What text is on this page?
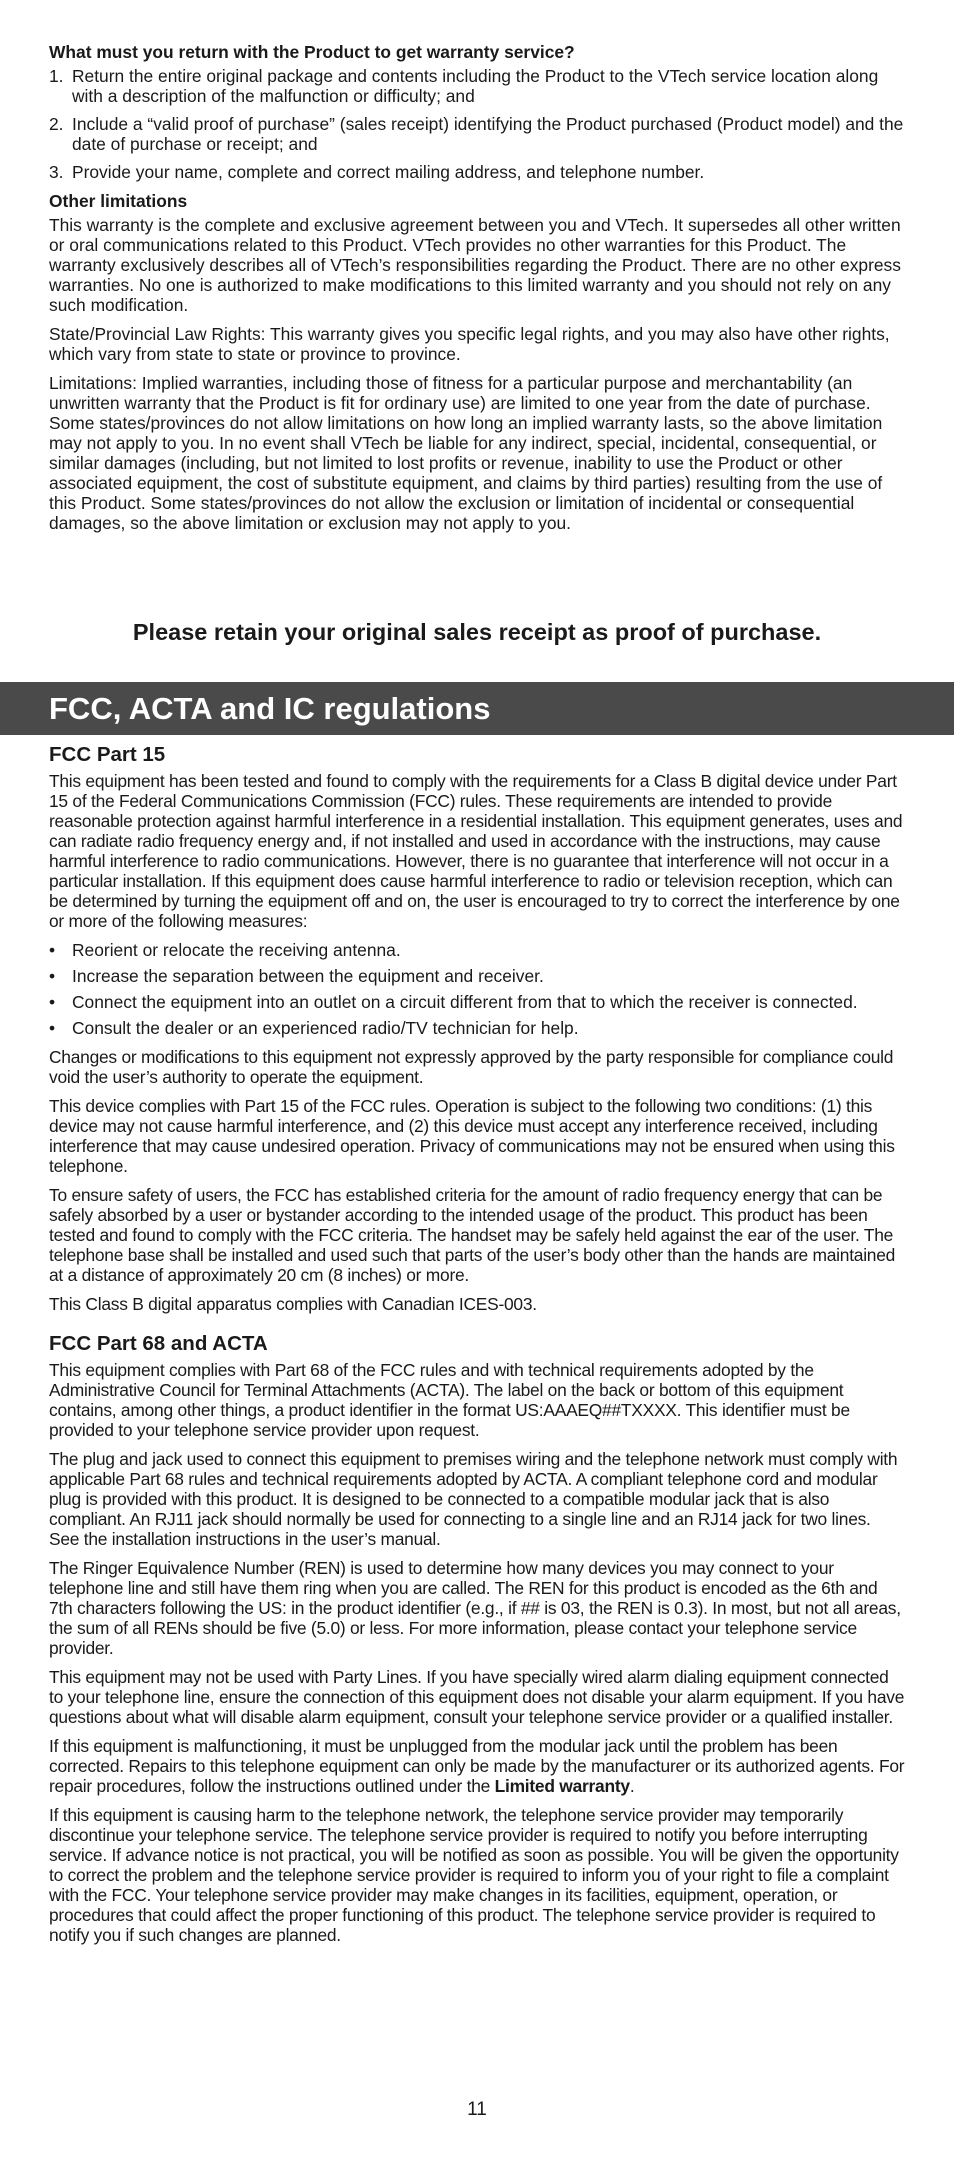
What must you return with the Product to get warranty service?
1. Return the entire original package and contents including the Product to the VTech service location along with a description of the malfunction or difficulty; and
2. Include a “valid proof of purchase” (sales receipt) identifying the Product purchased (Product model) and the date of purchase or receipt; and
3. Provide your name, complete and correct mailing address, and telephone number.
Other limitations

This warranty is the complete and exclusive agreement between you and VTech. It supersedes all other written or oral communications related to this Product. VTech provides no other warranties for this Product. The warranty exclusively describes all of VTech’s responsibilities regarding the Product. There are no other express warranties. No one is authorized to make modifications to this limited warranty and you should not rely on any such modification.

State/Provincial Law Rights: This warranty gives you specific legal rights, and you may also have other rights, which vary from state to state or province to province.

Limitations: Implied warranties, including those of fitness for a particular purpose and merchantability (an unwritten warranty that the Product is fit for ordinary use) are limited to one year from the date of purchase. Some states/provinces do not allow limitations on how long an implied warranty lasts, so the above limitation may not apply to you. In no event shall VTech be liable for any indirect, special, incidental, consequential, or similar damages (including, but not limited to lost profits or revenue, inability to use the Product or other associated equipment, the cost of substitute equipment, and claims by third parties) resulting from the use of this Product. Some states/provinces do not allow the exclusion or limitation of incidental or consequential damages, so the above limitation or exclusion may not apply to you.

Please retain your original sales receipt as proof of purchase.

FCC, ACTA and IC regulations
FCC Part 15

This equipment has been tested and found to comply with the requirements for a Class B digital device under Part 15 of the Federal Communications Commission (FCC) rules. These requirements are intended to provide reasonable protection against harmful interference in a residential installation. This equipment generates, uses and can radiate radio frequency energy and, if not installed and used in accordance with the instructions, may cause harmful interference to radio communications. However, there is no guarantee that interference will not occur in a particular installation. If this equipment does cause harmful interference to radio or television reception, which can be determined by turning the equipment off and on, the user is encouraged to try to correct the interference by one or more of the following measures:

• Reorient or relocate the receiving antenna.
• Increase the separation between the equipment and receiver.
• Connect the equipment into an outlet on a circuit different from that to which the receiver is connected.
• Consult the dealer or an experienced radio/TV technician for help.

Changes or modifications to this equipment not expressly approved by the party responsible for compliance could void the user’s authority to operate the equipment.

This device complies with Part 15 of the FCC rules. Operation is subject to the following two conditions: (1) this device may not cause harmful interference, and (2) this device must accept any interference received, including interference that may cause undesired operation. Privacy of communications may not be ensured when using this telephone.

To ensure safety of users, the FCC has established criteria for the amount of radio frequency energy that can be safely absorbed by a user or bystander according to the intended usage of the product. This product has been tested and found to comply with the FCC criteria. The handset may be safely held against the ear of the user. The telephone base shall be installed and used such that parts of the user’s body other than the hands are maintained at a distance of approximately 20 cm (8 inches) or more.

This Class B digital apparatus complies with Canadian ICES-003.

FCC Part 68 and ACTA

This equipment complies with Part 68 of the FCC rules and with technical requirements adopted by the Administrative Council for Terminal Attachments (ACTA). The label on the back or bottom of this equipment contains, among other things, a product identifier in the format US:AAAEQ##TXXXX. This identifier must be provided to your telephone service provider upon request.

The plug and jack used to connect this equipment to premises wiring and the telephone network must comply with applicable Part 68 rules and technical requirements adopted by ACTA. A compliant telephone cord and modular plug is provided with this product. It is designed to be connected to a compatible modular jack that is also compliant. An RJ11 jack should normally be used for connecting to a single line and an RJ14 jack for two lines. See the installation instructions in the user’s manual.

The Ringer Equivalence Number (REN) is used to determine how many devices you may connect to your telephone line and still have them ring when you are called. The REN for this product is encoded as the 6th and 7th characters following the US: in the product identifier (e.g., if ## is 03, the REN is 0.3). In most, but not all areas, the sum of all RENs should be five (5.0) or less. For more information, please contact your telephone service provider.

This equipment may not be used with Party Lines. If you have specially wired alarm dialing equipment connected to your telephone line, ensure the connection of this equipment does not disable your alarm equipment. If you have questions about what will disable alarm equipment, consult your telephone service provider or a qualified installer.

If this equipment is malfunctioning, it must be unplugged from the modular jack until the problem has been corrected. Repairs to this telephone equipment can only be made by the manufacturer or its authorized agents. For repair procedures, follow the instructions outlined under the Limited warranty.

If this equipment is causing harm to the telephone network, the telephone service provider may temporarily discontinue your telephone service. The telephone service provider is required to notify you before interrupting service. If advance notice is not practical, you will be notified as soon as possible. You will be given the opportunity to correct the problem and the telephone service provider is required to inform you of your right to file a complaint with the FCC. Your telephone service provider may make changes in its facilities, equipment, operation, or procedures that could affect the proper functioning of this product. The telephone service provider is required to notify you if such changes are planned.

11
